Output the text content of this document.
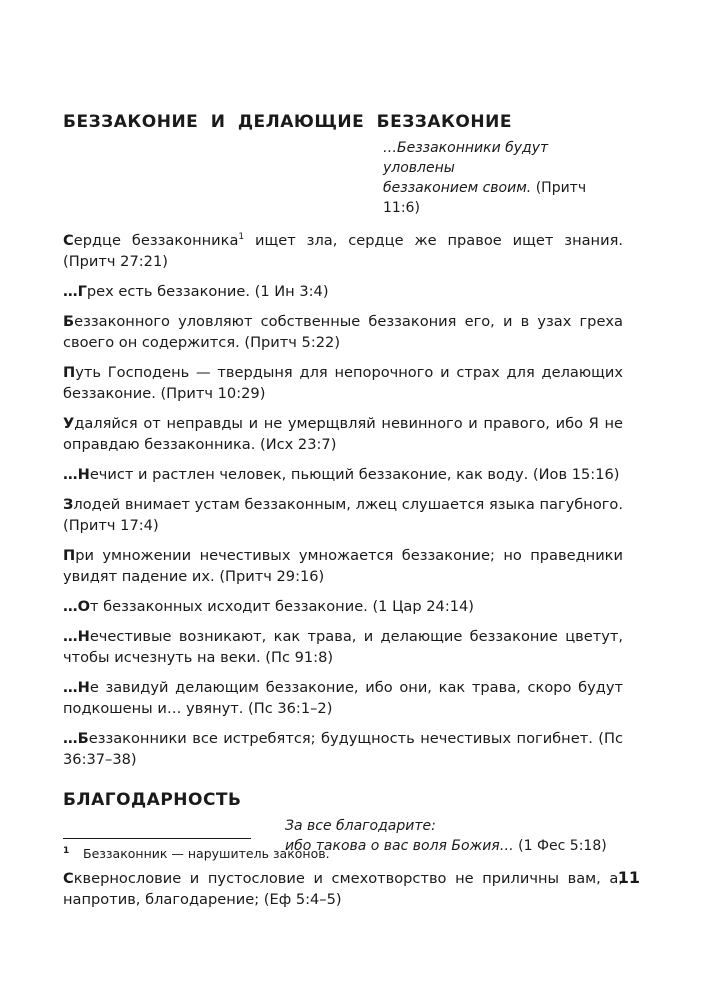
БЕЗЗАКОНИЕ И ДЕЛАЮЩИЕ БЕЗЗАКОНИЕ
…Беззаконники будут уловлены
беззаконием своим. (Притч 11:6)

Сердце беззаконника$^1$ ищет зла, сердце же правое ищет знания. (Притч 27:21)

…Грех есть беззаконие. (1 Ин 3:4)

Беззаконного уловляют собственные беззакония его, и в узах греха своего он содержится. (Притч 5:22)

Путь Господень — твердыня для непорочного и страх для делающих беззаконие. (Притч 10:29)

Удаляйся от неправды и не умерщвляй невинного и правого, ибо Я не оправдаю беззаконника. (Исх 23:7)

…Нечист и растлен человек, пьющий беззаконие, как воду. (Иов 15:16)

Злодей внимает устам беззаконным, лжец слушается языка пагубного. (Притч 17:4)

При умножении нечестивых умножается беззаконие; но праведники увидят падение их. (Притч 29:16)

…От беззаконных исходит беззаконие. (1 Цар 24:14)

…Нечестивые возникают, как трава, и делающие беззаконие цветут, чтобы исчезнуть на веки. (Пс 91:8)

…Не завидуй делающим беззаконие, ибо они, как трава, скоро будут подкошены и… увянут. (Пс 36:1–2)

…Беззаконники все истребятся; будущность нечестивых погибнет. (Пс 36:37–38)

БЛАГОДАРНОСТЬ
За все благодарите:
ибо такова о вас воля Божия… (1 Фес 5:18)

Сквернословие и пустословие и смехотворство не приличны вам, а, напротив, благодарение; (Еф 5:4–5)

1 Беззаконник — нарушитель законов.
11
